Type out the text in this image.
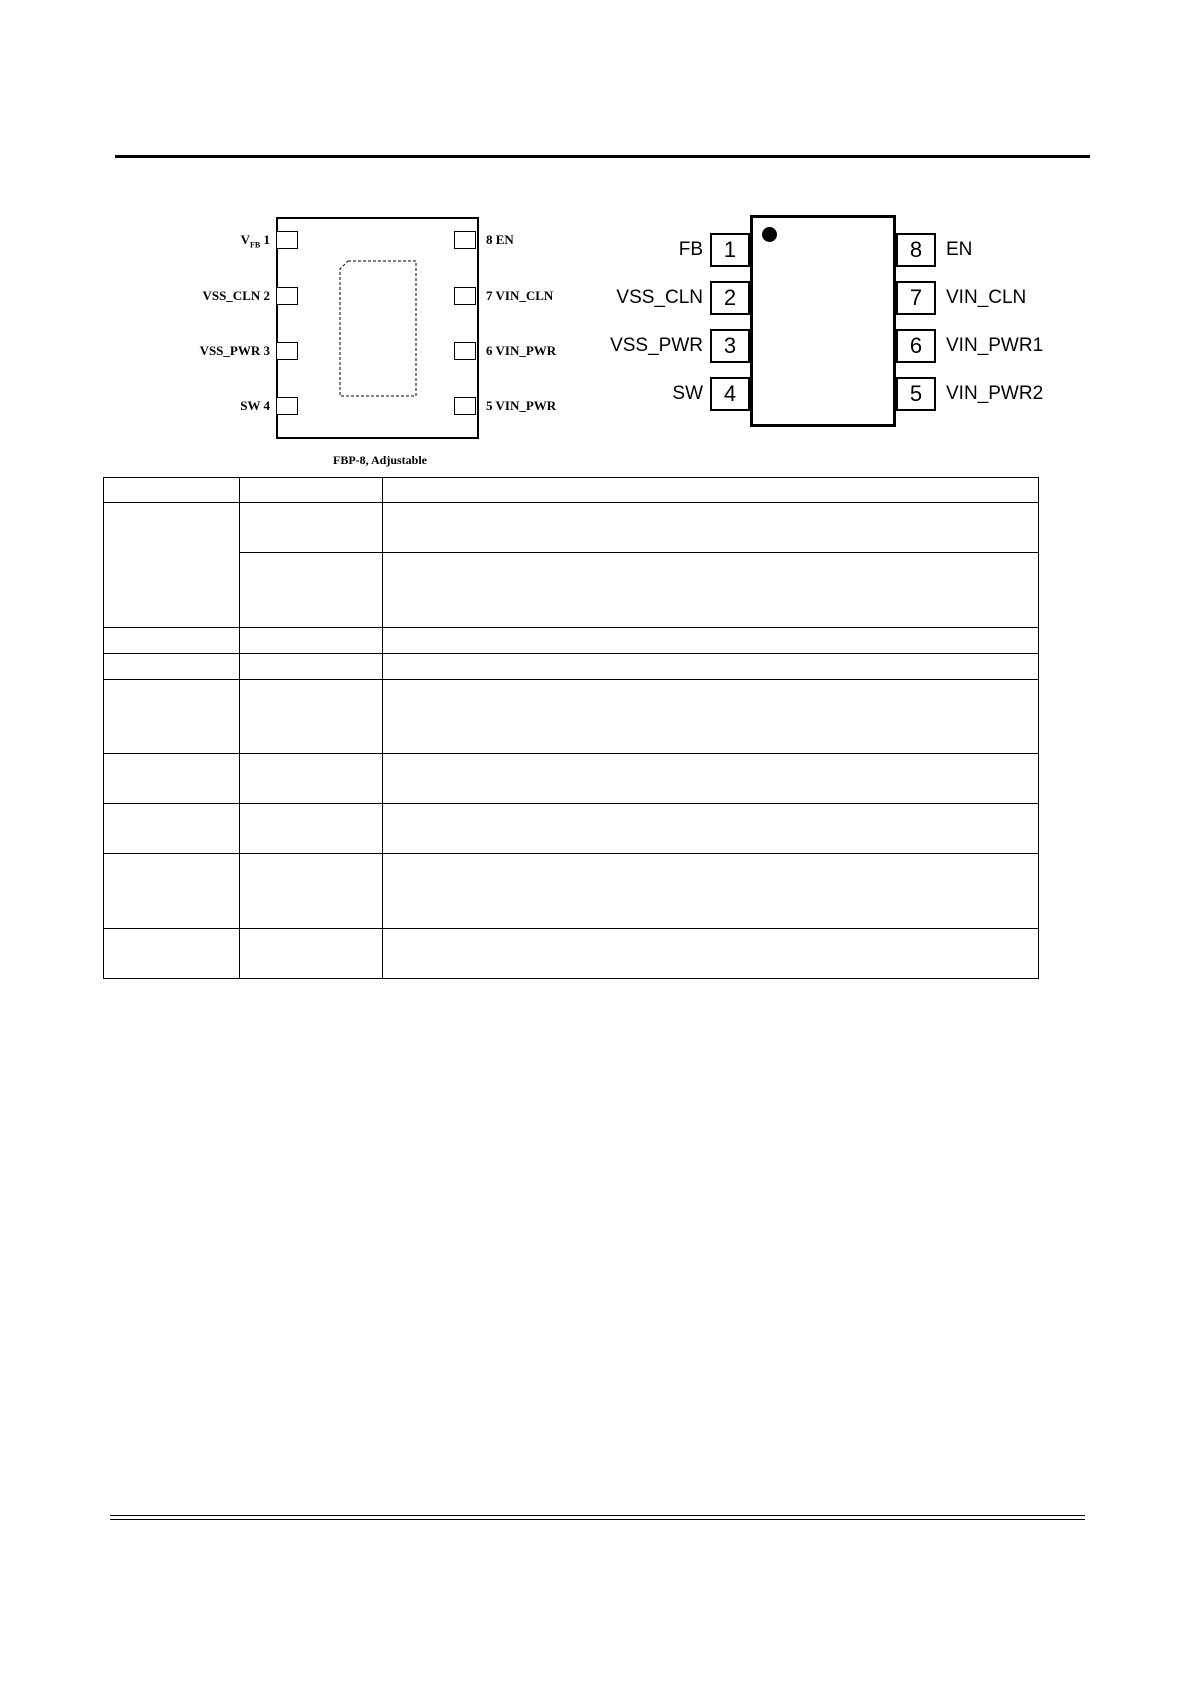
$V_{FB}$ 1
VSS_CLN 2
VSS_PWR 3
SW 4
8 EN
7 VIN_CLN
6 VIN_PWR
5 VIN_PWR
FBP-8, Adjustable
1
2
3
4
FB
VSS_CLN
VSS_PWR
SW
8
7
6
5
EN
VIN_CLN
VIN_PWR1
VIN_PWR2
